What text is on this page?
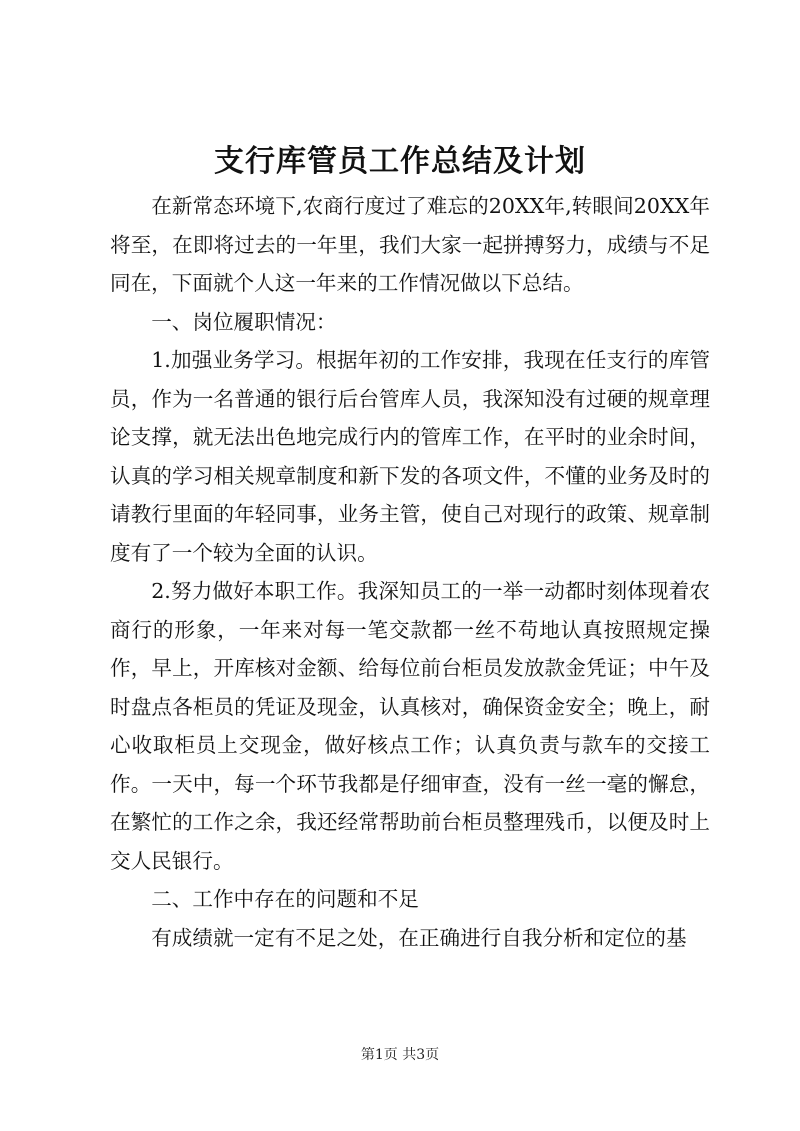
支行库管员工作总结及计划

在新常态环境下,农商行度过了难忘的20XX年,转眼间20XX年将至，在即将过去的一年里，我们大家一起拼搏努力，成绩与不足同在，下面就个人这一年来的工作情况做以下总结。

一、岗位履职情况：

1.加强业务学习。根据年初的工作安排，我现在任支行的库管员，作为一名普通的银行后台管库人员，我深知没有过硬的规章理论支撑，就无法出色地完成行内的管库工作，在平时的业余时间，认真的学习相关规章制度和新下发的各项文件，不懂的业务及时的请教行里面的年轻同事，业务主管，使自己对现行的政策、规章制度有了一个较为全面的认识。

2.努力做好本职工作。我深知员工的一举一动都时刻体现着农商行的形象，一年来对每一笔交款都一丝不苟地认真按照规定操作，早上，开库核对金额、给每位前台柜员发放款金凭证；中午及时盘点各柜员的凭证及现金，认真核对，确保资金安全；晚上，耐心收取柜员上交现金，做好核点工作；认真负责与款车的交接工作。一天中，每一个环节我都是仔细审查，没有一丝一毫的懈怠，在繁忙的工作之余，我还经常帮助前台柜员整理残币，以便及时上交人民银行。

二、工作中存在的问题和不足

有成绩就一定有不足之处，在正确进行自我分析和定位的基

第1页 共3页
